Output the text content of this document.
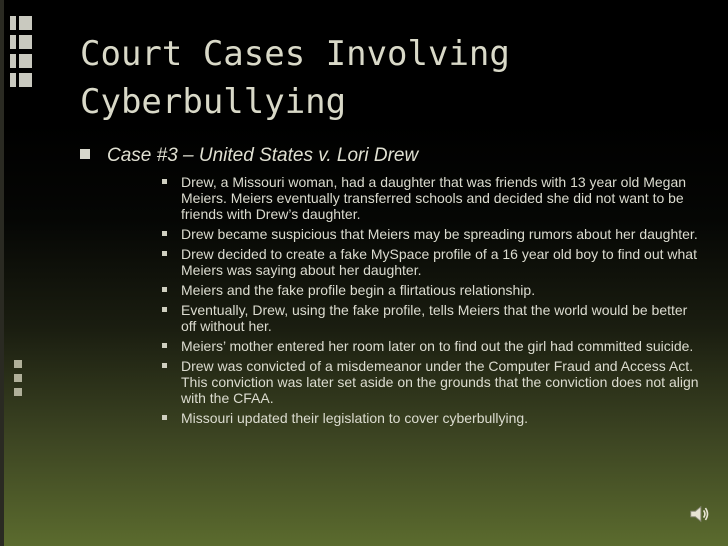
Court Cases Involving
Cyberbullying
Case #3 – United States v. Lori Drew
Drew, a Missouri woman, had a daughter that was friends with 13 year old Megan Meiers. Meiers eventually transferred schools and decided she did not want to be friends with Drew’s daughter.
Drew became suspicious that Meiers may be spreading rumors about her daughter.
Drew decided to create a fake MySpace profile of a 16 year old boy to find out what Meiers was saying about her daughter.
Meiers and the fake profile begin a flirtatious relationship.
Eventually, Drew, using the fake profile, tells Meiers that the world would be better off without her.
Meiers’ mother entered her room later on to find out the girl had committed suicide.
Drew was convicted of a misdemeanor under the Computer Fraud and Access Act. This conviction was later set aside on the grounds that the conviction does not align with the CFAA.
Missouri updated their legislation to cover cyberbullying.
